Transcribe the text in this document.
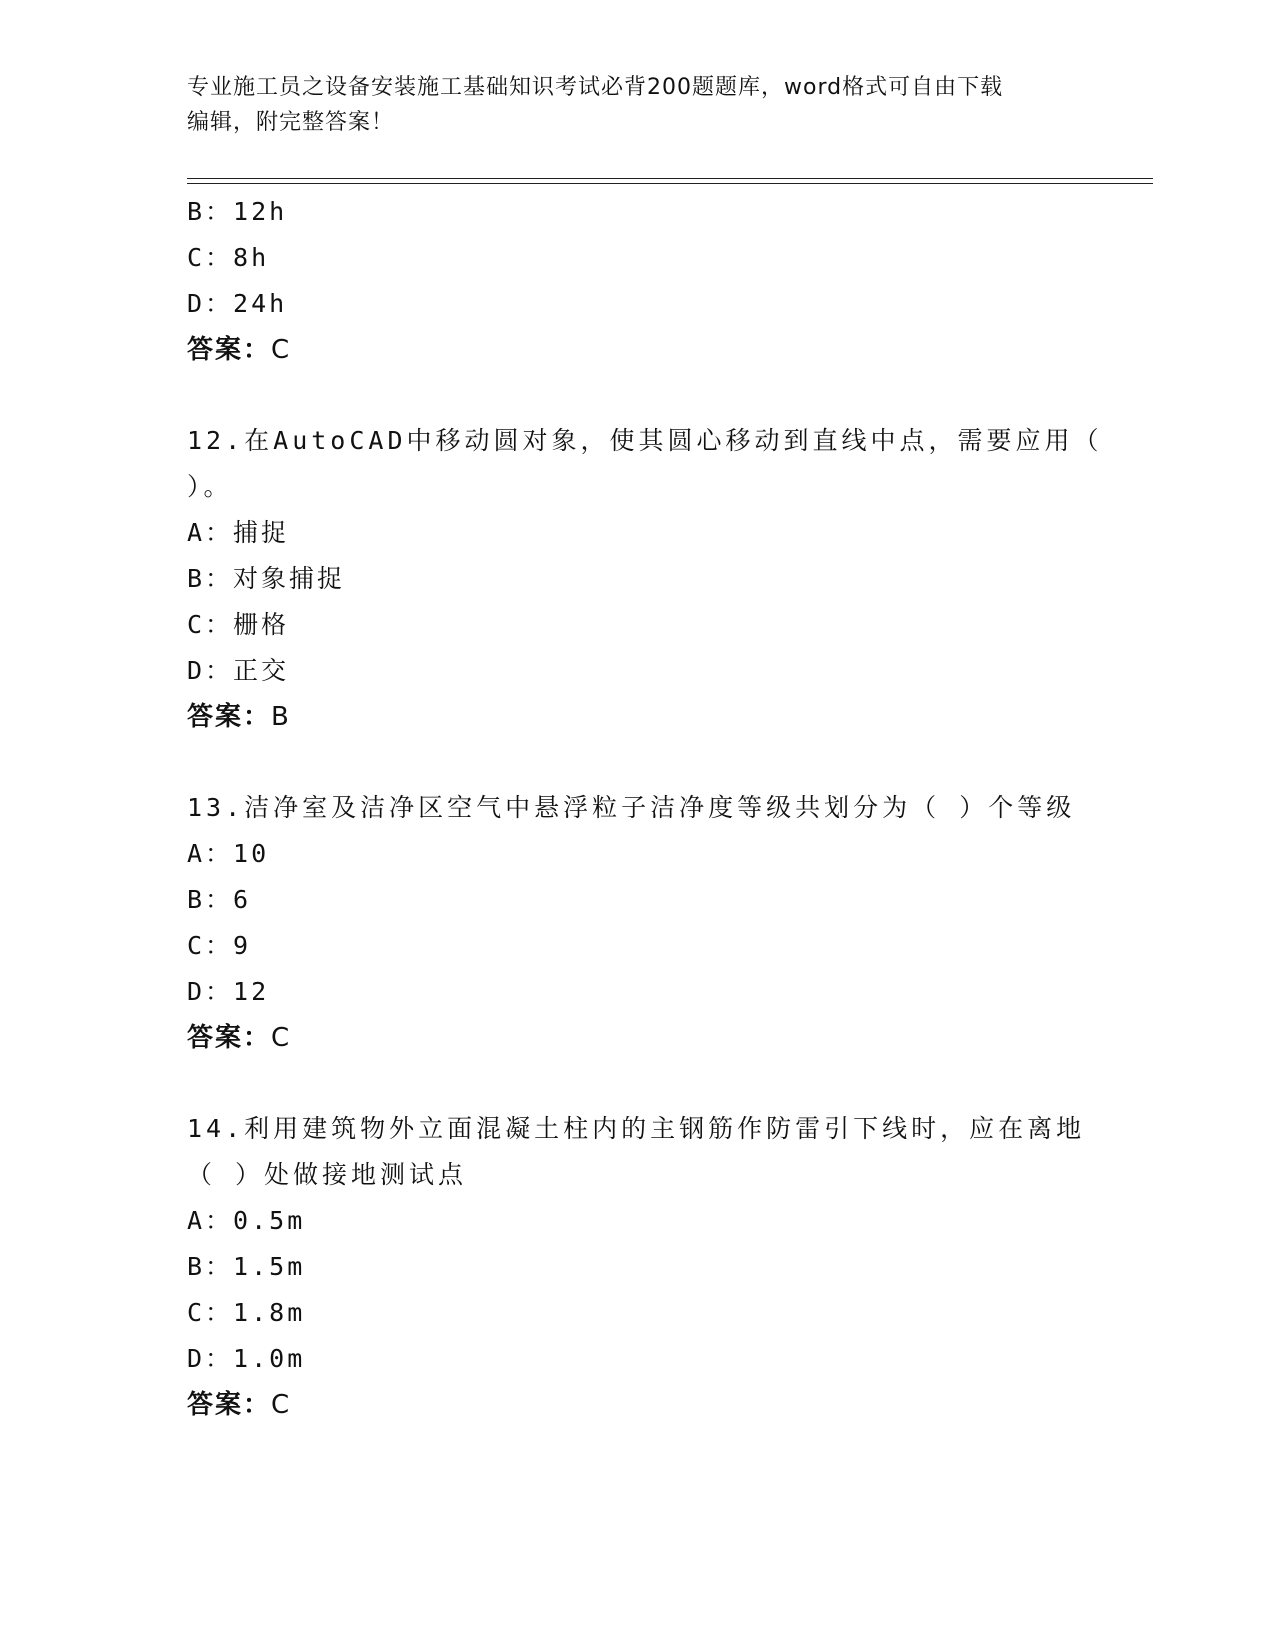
专业施工员之设备安装施工基础知识考试必背200题题库，word格式可自由下载
编辑，附完整答案！
B：12h
C：8h
D：24h
答案：C
12.在AutoCAD中移动圆对象，使其圆心移动到直线中点，需要应用（
）。
A：捕捉
B：对象捕捉
C：栅格
D：正交
答案：B
13.洁净室及洁净区空气中悬浮粒子洁净度等级共划分为（ ）个等级
A：10
B：6
C：9
D：12
答案：C
14.利用建筑物外立面混凝土柱内的主钢筋作防雷引下线时，应在离地
（ ）处做接地测试点
A：0.5m
B：1.5m
C：1.8m
D：1.0m
答案：C
